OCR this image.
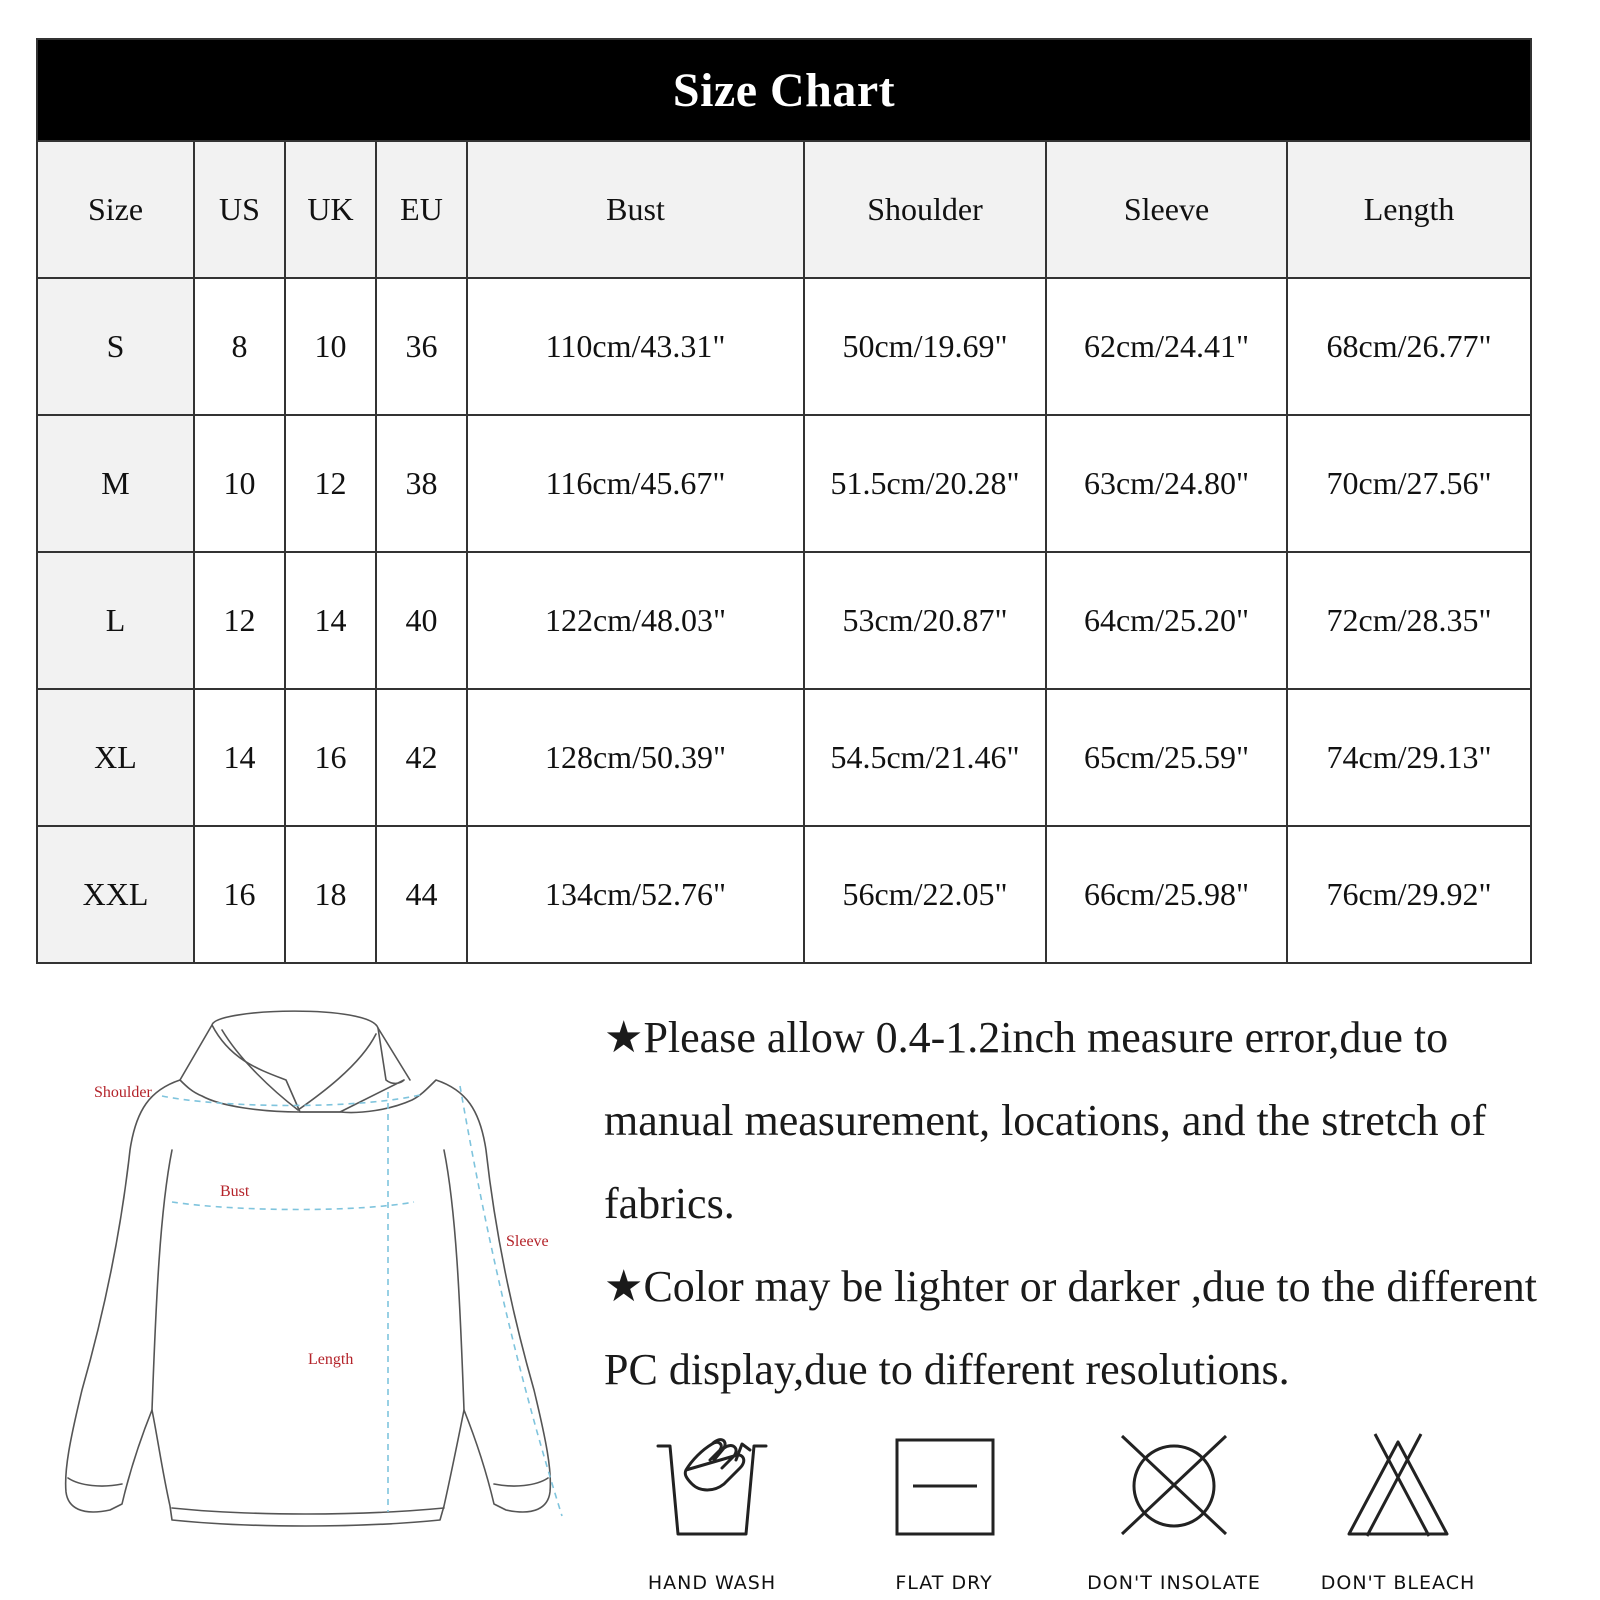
Size Chart							
Size	US	UK	EU	Bust	Shoulder	Sleeve	Length
S	8	10	36	110cm/43.31"	50cm/19.69"	62cm/24.41"	68cm/26.77"
M	10	12	38	116cm/45.67"	51.5cm/20.28"	63cm/24.80"	70cm/27.56"
L	12	14	40	122cm/48.03"	53cm/20.87"	64cm/25.20"	72cm/28.35"
XL	14	16	42	128cm/50.39"	54.5cm/21.46"	65cm/25.59"	74cm/29.13"
XXL	16	18	44	134cm/52.76"	56cm/22.05"	66cm/25.98"	76cm/29.92"
Shoulder
Bust
Sleeve
Length

★Please allow 0.4-1.2inch measure error,due to manual measurement, locations, and the stretch of fabrics.

★Color may be lighter or darker ,due to the different PC display,due to different resolutions.

HAND WASH	FLAT DRY	DON'T INSOLATE	DON'T BLEACH
